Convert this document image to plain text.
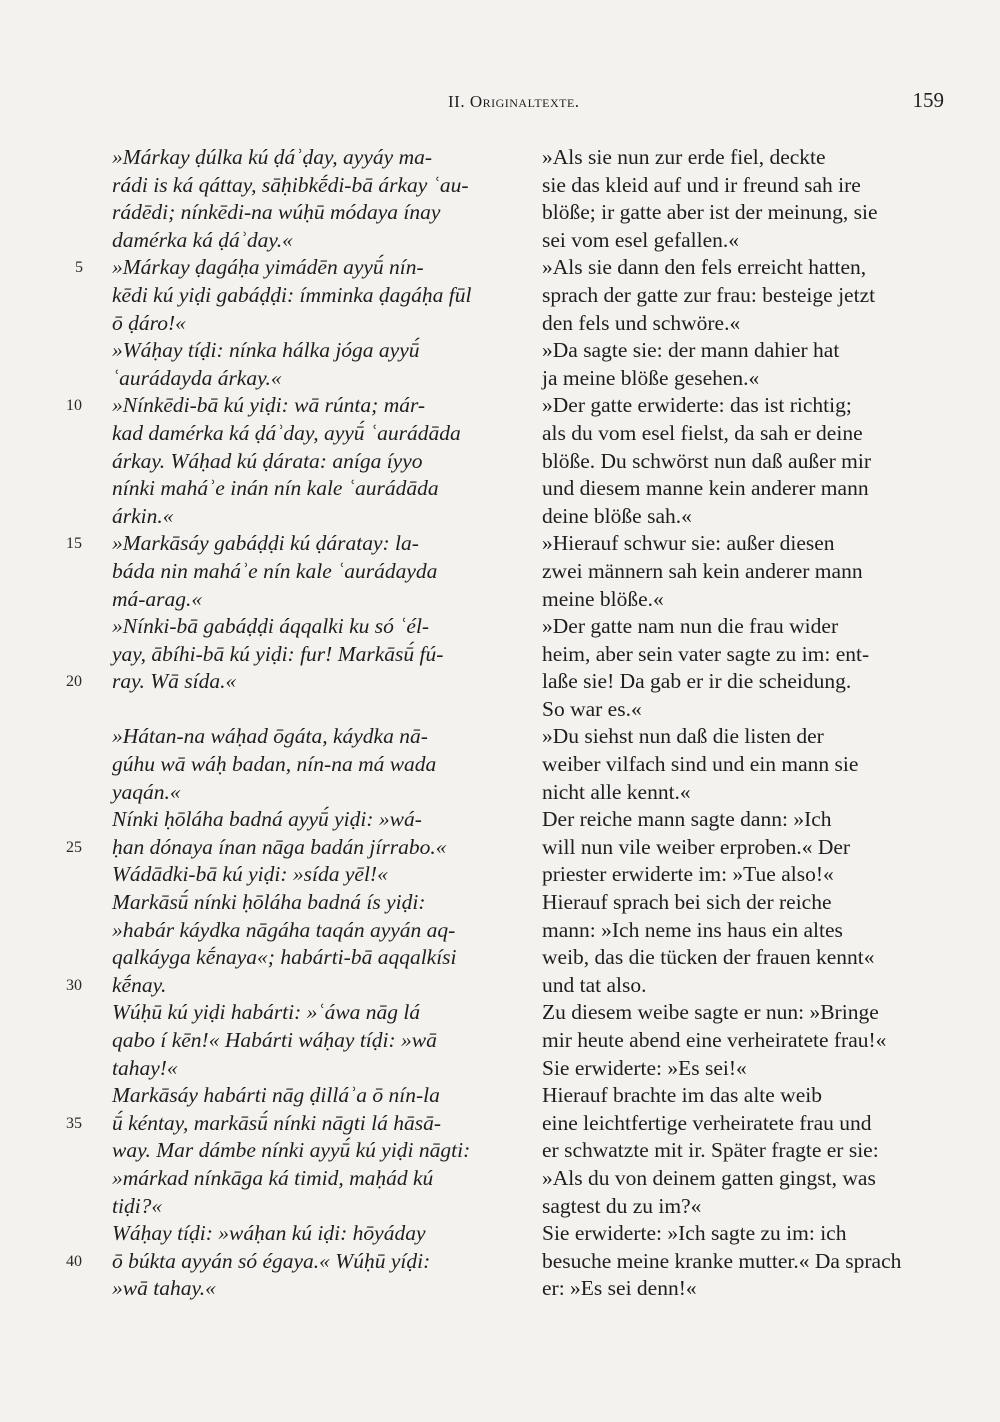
II. Originaltexte.	159
»Márkay ḍúlka kú ḍáʾḍay, ayyáy ma-
rádi is ká qáttay, sāḥibkḗdi-bā árkay ʿau-
rádēdi; nínkēdi-na wúḥū módaya ínay
damérka ká ḍáʾday.«
5	»Márkay ḍagáḥa yimádēn ayyū́ nín-
kēdi kú yiḍi gabáḍḍi: ímminka ḍagáḥa fūl
ō ḍáro!«
»Wáḥay tíḍi: nínka hálka jóga ayyū́
ʿaurádayda árkay.«
10	»Nínkēdi-bā kú yiḍi: wā rúnta; már-
kad damérka ká ḍáʾday, ayyū́ ʿaurádāda
árkay. Wáḥad kú ḍárata: aníga íyyo
nínki maháʾe inán nín kale ʿaurádāda
árkin.«
15	»Markāsáy gabáḍḍi kú ḍáratay: la-
báda nin maháʾe nín kale ʿaurádayda
má-arag.«
»Nínki-bā gabáḍḍi áqqalki ku só ʿél-
yay, ābíhi-bā kú yiḍi: fur! Markāsū́ fú-
20	ray. Wā sída.«
»Hátan-na wáḥad ōgáta, káydka nā-
gúhu wā wáḥ badan, nín-na má wada
yaqán.«
Nínki ḥōláha badná ayyū́ yiḍi: »wá-
25	ḥan dónaya ínan nāga badán jírrabo.«
Wádādki-bā kú yiḍi: »sída yēl!«
Markāsū́ nínki ḥōláha badná ís yiḍi:
»habár káydka nāgáha taqán ayyán aq-
qalkáyga kḗnaya«; habárti-bā aqqalkísi
30	kḗnay.
Wúḥū kú yiḍi habárti: »ʿáwa nāg lá
qabo í kēn!« Habárti wáḥay tíḍi: »wā
tahay!«
Markāsáy habárti nāg ḍilláʾa ō nín-la
35	ū́ kéntay, markāsū́ nínki nāgti lá hāsā-
way. Mar dámbe nínki ayyū́ kú yiḍi nāgti:
»márkad nínkāga ká timid, maḥád kú
tiḍi?«
Wáḥay tíḍi: »wáḥan kú iḍi: hōyáday
40	ō búkta ayyán só égaya.« Wúḥū yíḍi:
»wā tahay.«
»Als sie nun zur erde fiel, deckte
sie das kleid auf und ir freund sah ire
blöße; ir gatte aber ist der meinung, sie
sei vom esel gefallen.«
»Als sie dann den fels erreicht hatten,
sprach der gatte zur frau: besteige jetzt
den fels und schwöre.«
»Da sagte sie: der mann dahier hat
ja meine blöße gesehen.«
»Der gatte erwiderte: das ist richtig;
als du vom esel fielst, da sah er deine
blöße. Du schwörst nun daß außer mir
und diesem manne kein anderer mann
deine blöße sah.«
»Hierauf schwur sie: außer diesen
zwei männern sah kein anderer mann
meine blöße.«
»Der gatte nam nun die frau wider
heim, aber sein vater sagte zu im: ent-
laße sie! Da gab er ir die scheidung.
So war es.«
»Du siehst nun daß die listen der
weiber vilfach sind und ein mann sie
nicht alle kennt.«
Der reiche mann sagte dann: »Ich
will nun vile weiber erproben.« Der
priester erwiderte im: »Tue also!«
Hierauf sprach bei sich der reiche
mann: »Ich neme ins haus ein altes
weib, das die tücken der frauen kennt«
und tat also.
Zu diesem weibe sagte er nun: »Bringe
mir heute abend eine verheiratete frau!«
Sie erwiderte: »Es sei!«
Hierauf brachte im das alte weib
eine leichtfertige verheiratete frau und
er schwatzte mit ir. Später fragte er sie:
»Als du von deinem gatten gingst, was
sagtest du zu im?«
Sie erwiderte: »Ich sagte zu im: ich
besuche meine kranke mutter.« Da sprach
er: »Es sei denn!«
